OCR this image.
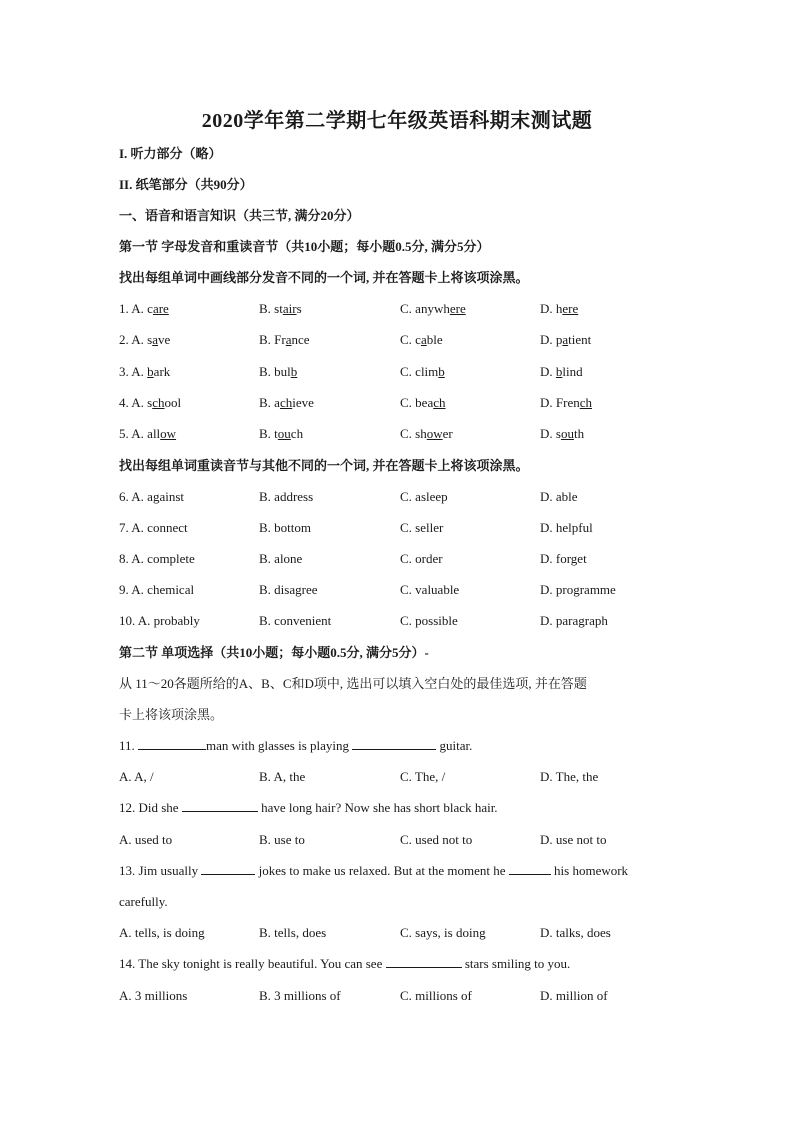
2020学年第二学期七年级英语科期末测试题
I. 听力部分（略）
II. 纸笔部分（共90分）
一、语音和语言知识（共三节, 满分20分）
第一节 字母发音和重读音节（共10小题；每小题0.5分, 满分5分）
找出每组单词中画线部分发音不同的一个词, 并在答题卡上将该项涂黑。
1. A. care	B. stairs	C. anywhere	D. here
2. A. save	B. France	C. cable	D. patient
3. A. bark	B. bulb	C. climb	D. blind
4. A. school	B. achieve	C. beach	D. French
5. A. allow	B. touch	C. shower	D. south
找出每组单词重读音节与其他不同的一个词, 并在答题卡上将该项涂黑。
6. A. against	B. address	C. asleep	D. able
7. A. connect	B. bottom	C. seller	D. helpful
8. A. complete	B. alone	C. order	D. forget
9. A. chemical	B. disagree	C. valuable	D. programme
10. A. probably	B. convenient	C. possible	D. paragraph
第二节 单项选择（共10小题；每小题0.5分, 满分5分）-
从 11～20各题所给的A、B、C和D项中, 选出可以填入空白处的最佳选项, 并在答题
卡上将该项涂黑。
11.	man with glasses is playing	guitar.
A. A, /	B. A, the	C. The, /	D. The, the
12. Did she	have long hair? Now she has short black hair.
A. used to	B. use to	C. used not to	D. use not to
13. Jim usually	jokes to make us relaxed. But at the moment he	his homework
carefully.
A. tells, is doing	B. tells, does	C. says, is doing	D. talks, does
14. The sky tonight is really beautiful. You can see	stars smiling to you.
A. 3 millions	B. 3 millions of	C. millions of	D. million of
